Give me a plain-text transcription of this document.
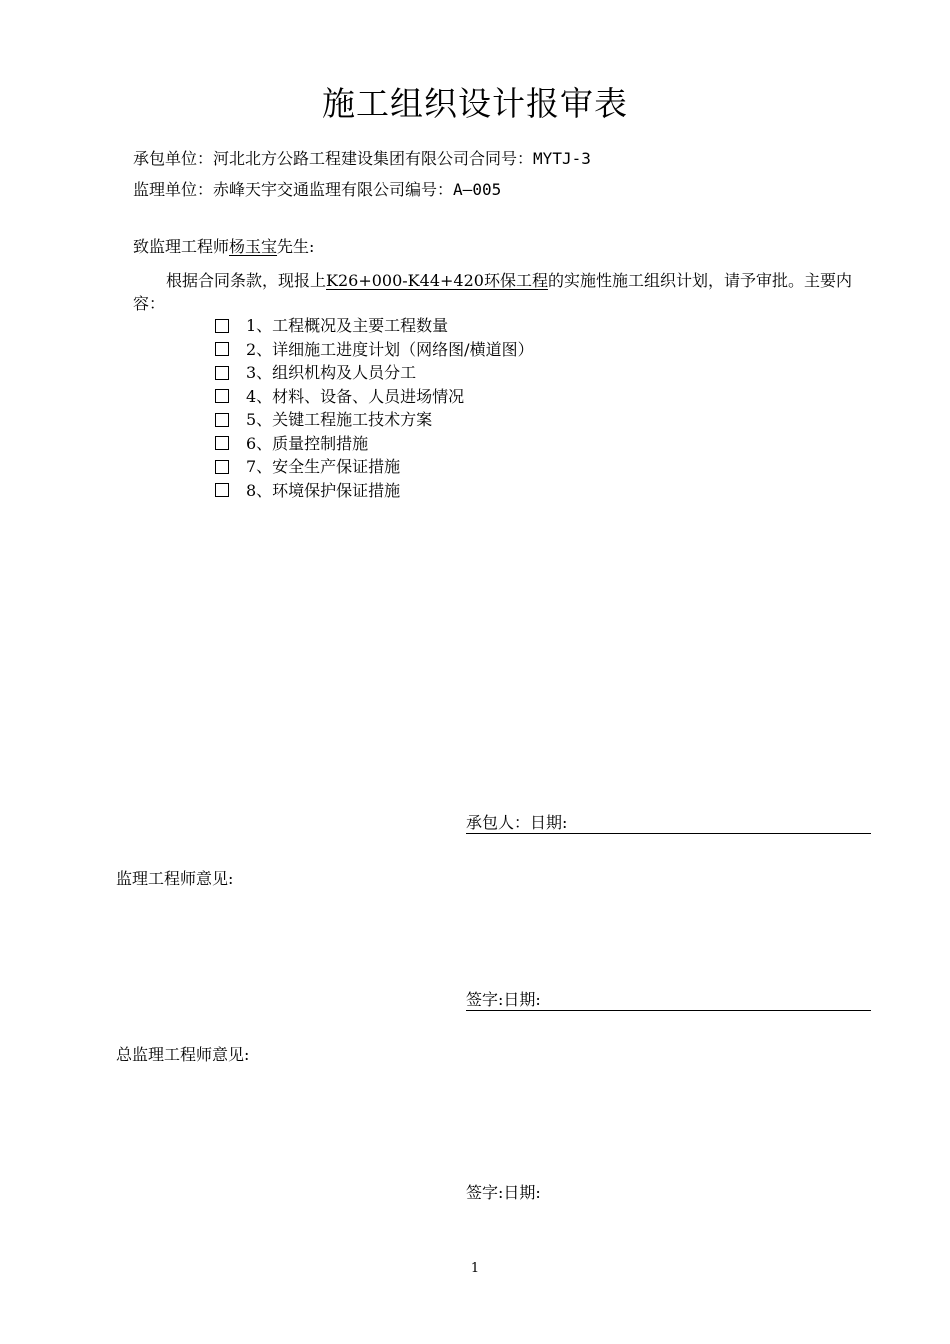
施工组织设计报审表
承包单位：河北北方公路工程建设集团有限公司合同号：MYTJ-3
监理单位：赤峰天宇交通监理有限公司编号：A—005
致监理工程师杨玉宝先生:
根据合同条款，现报上K26+000-K44+420环保工程的实施性施工组织计划，请予审批。主要内
容：
1、工程概况及主要工程数量
2、详细施工进度计划（网络图/横道图）
3、组织机构及人员分工
4、材料、设备、人员进场情况
5、关键工程施工技术方案
6、质量控制措施
7、安全生产保证措施
8、环境保护保证措施
承包人：日期:
监理工程师意见:
签字:日期:
总监理工程师意见:
签字:日期:
1
